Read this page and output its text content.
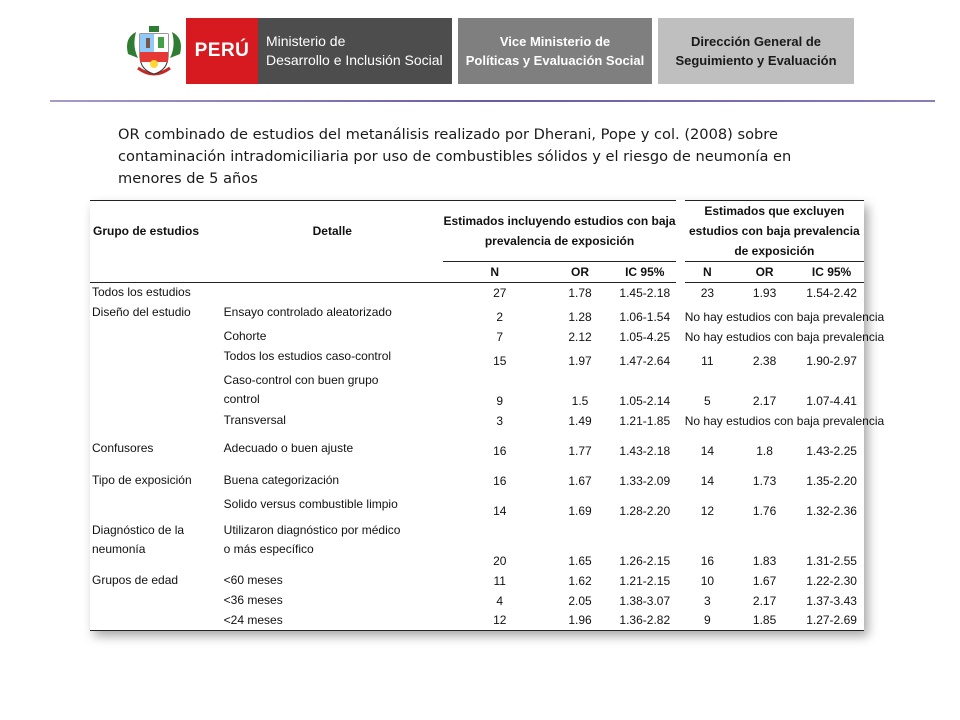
PERÚ	Ministerio de
Desarrollo e Inclusión Social
Vice Ministerio de
Políticas y Evaluación Social
Dirección General de
Seguimiento y Evaluación
OR combinado de estudios del metanálisis realizado por Dherani, Pope y col. (2008) sobre contaminación intradomiciliaria por uso de combustibles sólidos y el riesgo de neumonía en menores de 5 años
Grupo de estudios	Detalle	Estimados incluyendo estudios con baja prevalencia de exposición				Estimados que excluyen estudios con baja prevalencia de exposición		
		N	OR	IC 95%		N	OR	IC 95%
Todos los estudios		27	1.78	1.45-2.18		23	1.93	1.54-2.42
Diseño del estudio	Ensayo controlado aleatorizado	2	1.28	1.06-1.54		No hay estudios con baja prevalencia		
	Cohorte	7	2.12	1.05-4.25		No hay estudios con baja prevalencia		
	Todos los estudios caso-control	15	1.97	1.47-2.64		11	2.38	1.90-2.97
	Caso-control con buen grupo
control	9	1.5	1.05-2.14		5	2.17	1.07-4.41
	Transversal	3	1.49	1.21-1.85		No hay estudios con baja prevalencia		
Confusores	Adecuado o buen ajuste	16	1.77	1.43-2.18		14	1.8	1.43-2.25
Tipo de exposición	Buena categorización	16	1.67	1.33-2.09		14	1.73	1.35-2.20
	Solido versus combustible limpio	14	1.69	1.28-2.20		12	1.76	1.32-2.36
Diagnóstico de la
neumonía	Utilizaron diagnóstico por médico
o más específico	20	1.65	1.26-2.15		16	1.83	1.31-2.55
Grupos de edad	<60 meses	11	1.62	1.21-2.15		10	1.67	1.22-2.30
	<36 meses	4	2.05	1.38-3.07		3	2.17	1.37-3.43
	<24 meses	12	1.96	1.36-2.82		9	1.85	1.27-2.69
